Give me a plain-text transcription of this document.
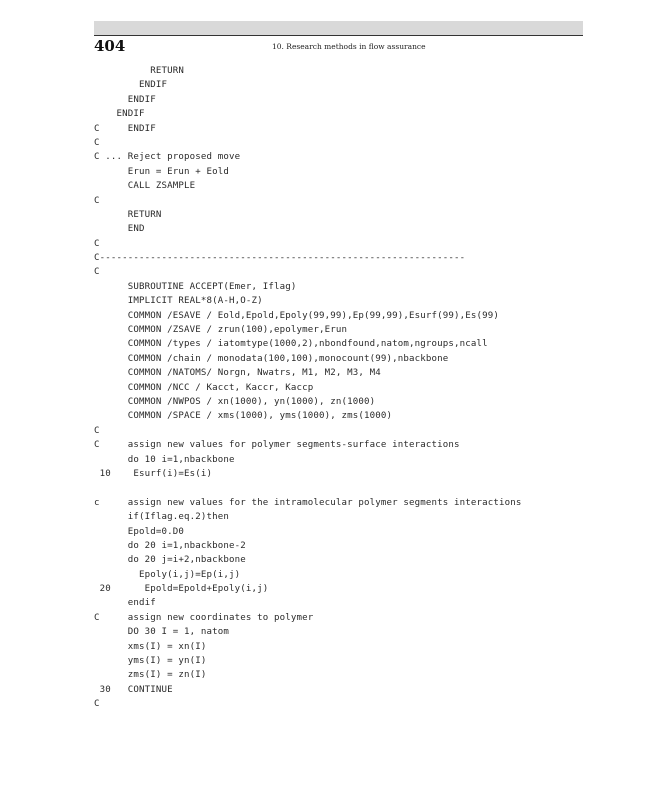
404	10. Research methods in flow assurance
RETURN
ENDIF
ENDIF
ENDIF
C     ENDIF
C
C ... Reject proposed move
Erun = Erun + Eold
CALL ZSAMPLE
C
RETURN
END
C
C-----------------------------------------------------------------
C
SUBROUTINE ACCEPT(Emer, Iflag)
IMPLICIT REAL*8(A-H,O-Z)
COMMON /ESAVE / Eold,Epold,Epoly(99,99),Ep(99,99),Esurf(99),Es(99)
COMMON /ZSAVE / zrun(100),epolymer,Erun
COMMON /types / iatomtype(1000,2),nbondfound,natom,ngroups,ncall
COMMON /chain / monodata(100,100),monocount(99),nbackbone
COMMON /NATOMS/ Norgn, Nwatrs, M1, M2, M3, M4
COMMON /NCC / Kacct, Kaccr, Kaccp
COMMON /NWPOS / xn(1000), yn(1000), zn(1000)
COMMON /SPACE / xms(1000), yms(1000), zms(1000)
C
C     assign new values for polymer segments-surface interactions
do 10 i=1,nbackbone
10    Esurf(i)=Es(i)
c     assign new values for the intramolecular polymer segments interactions
if(Iflag.eq.2)then
Epold=0.D0
do 20 i=1,nbackbone-2
do 20 j=i+2,nbackbone
Epoly(i,j)=Ep(i,j)
20      Epold=Epold+Epoly(i,j)
endif
C     assign new coordinates to polymer
DO 30 I = 1, natom
xms(I) = xn(I)
yms(I) = yn(I)
zms(I) = zn(I)
30   CONTINUE
C
